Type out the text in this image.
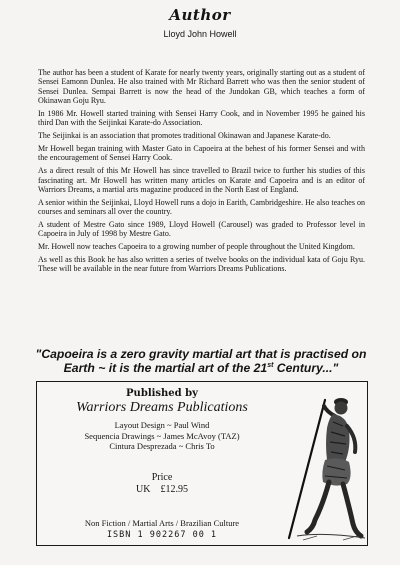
Author
Lloyd John Howell

The author has been a student of Karate for nearly twenty years, originally starting out as a student of Sensei Eamonn Dunlea. He also trained with Mr Richard Barrett who was then the senior student of Sensei Dunlea. Sempai Barrett is now the head of the Jundokan GB, which teaches a form of Okinawan Goju Ryu.

In 1986 Mr. Howell started training with Sensei Harry Cook, and in November 1995 he gained his third Dan with the Seijinkai Karate-do Association.

The Seijinkai is an association that promotes traditional Okinawan and Japanese Karate-do.

Mr Howell began training with Master Gato in Capoeira at the behest of his former Sensei and with the encouragement of Sensei Harry Cook.

As a direct result of this Mr Howell has since travelled to Brazil twice to further his studies of this fascinating art. Mr Howell has written many articles on Karate and Capoeira and is an editor of Warriors Dreams, a martial arts magazine produced in the North East of England.

A senior within the Seijinkai, Lloyd Howell runs a dojo in Earith, Cambridgeshire. He also teaches on courses and seminars all over the country.

A student of Mestre Gato since 1989, Lloyd Howell (Carousel) was graded to Professor level in Capoeira in July of 1998 by Mestre Gato.

Mr. Howell now teaches Capoeira to a growing number of people throughout the United Kingdom.

As well as this Book he has also written a series of twelve books on the individual kata of Goju Ryu. These will be available in the near future from Warriors Dreams Publications.

"Capoeira is a zero gravity martial art that is practised on Earth ~ it is the martial art of the 21st Century..."
Published by
Warriors Dreams Publications
Layout Design ~ Paul Wind
Sequencia Drawings ~ James McAvoy (TAZ)
Cintura Desprezada ~ Chris To
Price
UK £12.95
Non Fiction / Martial Arts / Brazilian Culture
ISBN 1 902267 00 1
